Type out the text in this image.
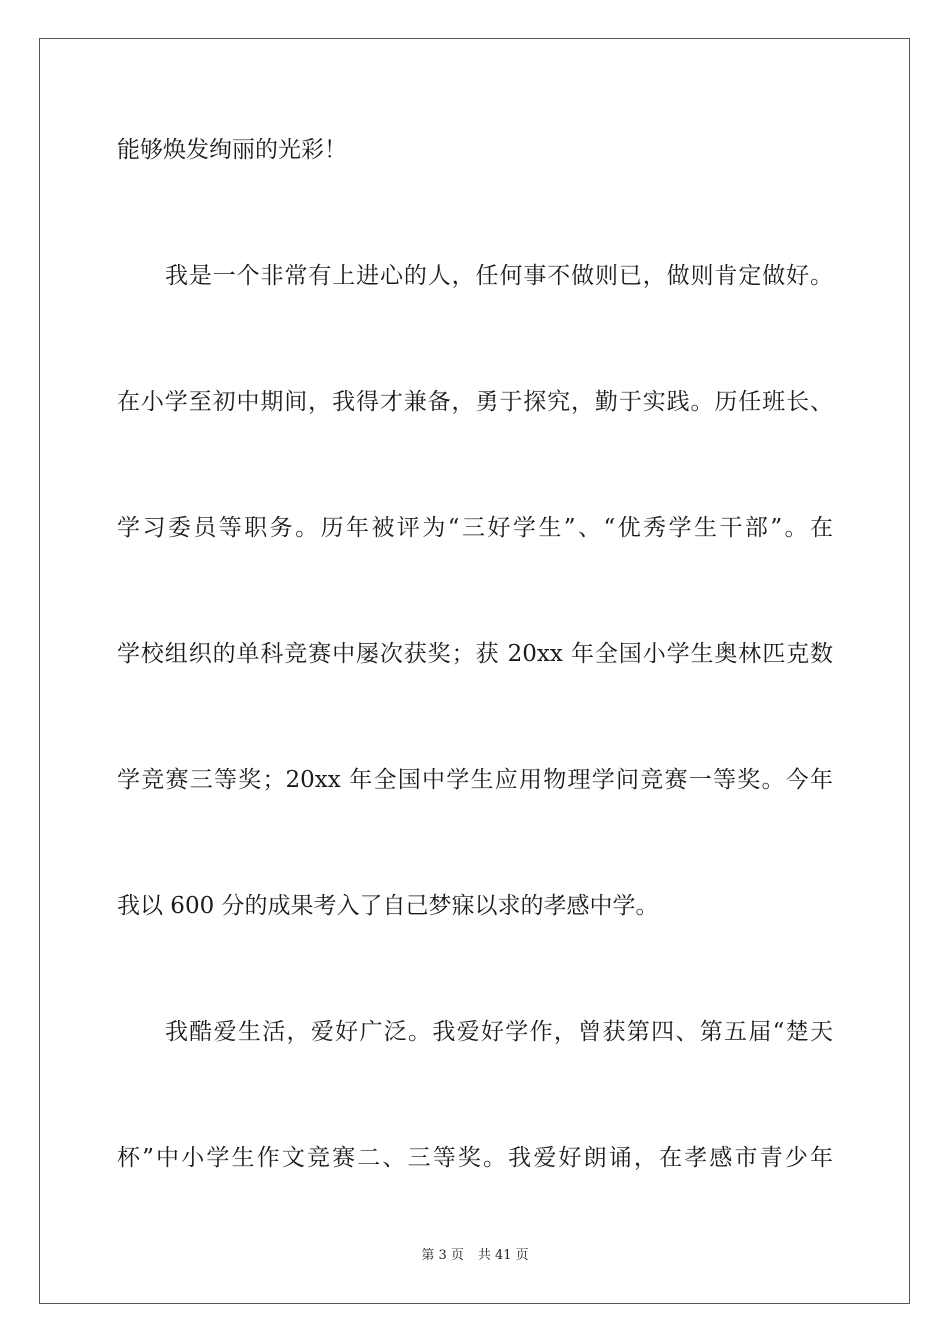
能够焕发绚丽的光彩！
我是一个非常有上进心的人，任何事不做则已，做则肯定做好。
在小学至初中期间，我得才兼备，勇于探究，勤于实践。历任班长、
学习委员等职务。历年被评为“三好学生”、“优秀学生干部”。在
学校组织的单科竞赛中屡次获奖；获 20xx 年全国小学生奥林匹克数
学竞赛三等奖；20xx 年全国中学生应用物理学问竞赛一等奖。今年
我以 600 分的成果考入了自己梦寐以求的孝感中学。
我酷爱生活，爱好广泛。我爱好学作，曾获第四、第五届“楚天
杯”中小学生作文竞赛二、三等奖。我爱好朗诵，在孝感市青少年
第 3 页 共 41 页
